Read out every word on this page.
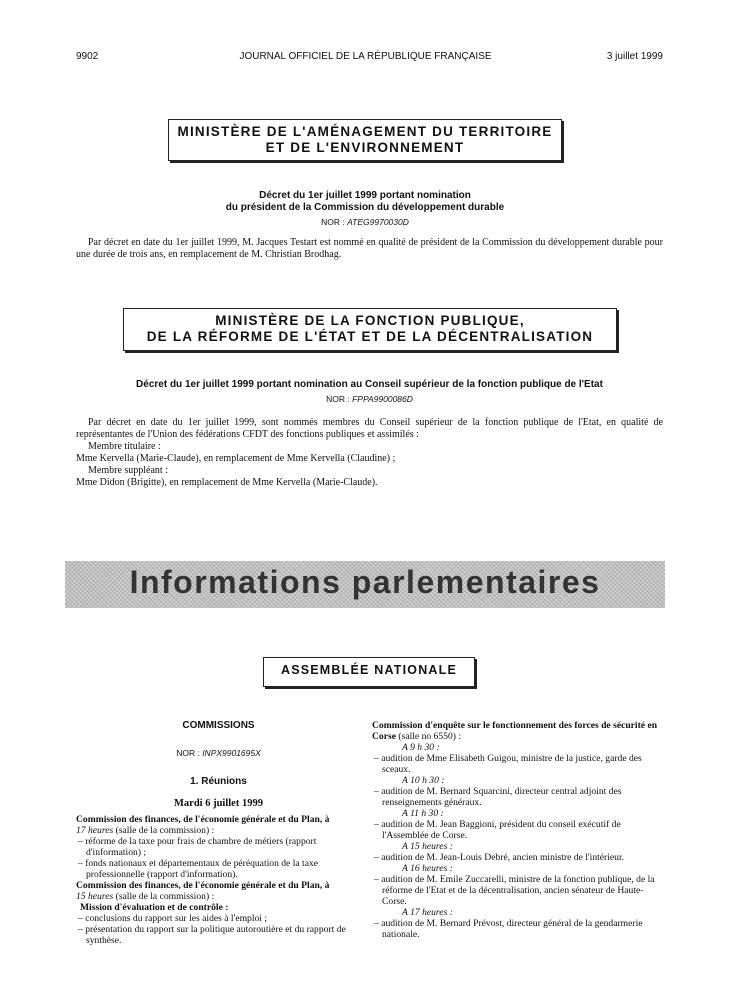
9902	JOURNAL OFFICIEL DE LA RÉPUBLIQUE FRANÇAISE	3 juillet 1999
MINISTÈRE DE L'AMÉNAGEMENT DU TERRITOIRE
ET DE L'ENVIRONNEMENT
Décret du 1er juillet 1999 portant nomination
du président de la Commission du développement durable
NOR : ATEG9970030D
Par décret en date du 1er juillet 1999, M. Jacques Testart est nommé en qualité de président de la Commission du développement durable pour une durée de trois ans, en remplacement de M. Christian Brodhag.
MINISTÈRE DE LA FONCTION PUBLIQUE,
DE LA RÉFORME DE L'ÉTAT ET DE LA DÉCENTRALISATION
Décret du 1er juillet 1999 portant nomination au Conseil supérieur de la fonction publique de l'Etat
NOR : FPPA9900086D
Par décret en date du 1er juillet 1999, sont nommés membres du Conseil supérieur de la fonction publique de l'Etat, en qualité de représentantes de l'Union des fédérations CFDT des fonctions publiques et assimilés :
Membre titulaire :
Mme Kervella (Marie-Claude), en remplacement de Mme Kervella (Claudine) ;
Membre suppléant :
Mme Didon (Brigitte), en remplacement de Mme Kervella (Marie-Claude).
Informations parlementaires
ASSEMBLÉE NATIONALE
COMMISSIONS
NOR : INPX9901695X
1. Réunions
Mardi 6 juillet 1999
Commission des finances, de l'économie générale et du Plan, à
17 heures (salle de la commission) :
– réforme de la taxe pour frais de chambre de métiers (rapport d'information) ;
– fonds nationaux et départementaux de péréquation de la taxe professionnelle (rapport d'information).
Commission des finances, de l'économie générale et du Plan, à
15 heures (salle de la commission) :
Mission d'évaluation et de contrôle :
– conclusions du rapport sur les aides à l'emploi ;
– présentation du rapport sur la politique autoroutière et du rapport de synthèse.
Commission d'enquête sur le fonctionnement des forces de sécurité en Corse (salle no 6550) :
A 9 h 30 :
– audition de Mme Elisabeth Guigou, ministre de la justice, garde des sceaux.
A 10 h 30 :
– audition de M. Bernard Squarcini, directeur central adjoint des renseignements généraux.
A 11 h 30 :
– audition de M. Jean Baggioni, président du conseil exécutif de l'Assemblée de Corse.
A 15 heures :
– audition de M. Jean-Louis Debré, ancien ministre de l'intérieur.
A 16 heures :
– audition de M. Emile Zuccarelli, ministre de la fonction publique, de la réforme de l'Etat et de la décentralisation, ancien sénateur de Haute-Corse.
A 17 heures :
– audition de M. Bernard Prévost, directeur général de la gendarmerie nationale.
